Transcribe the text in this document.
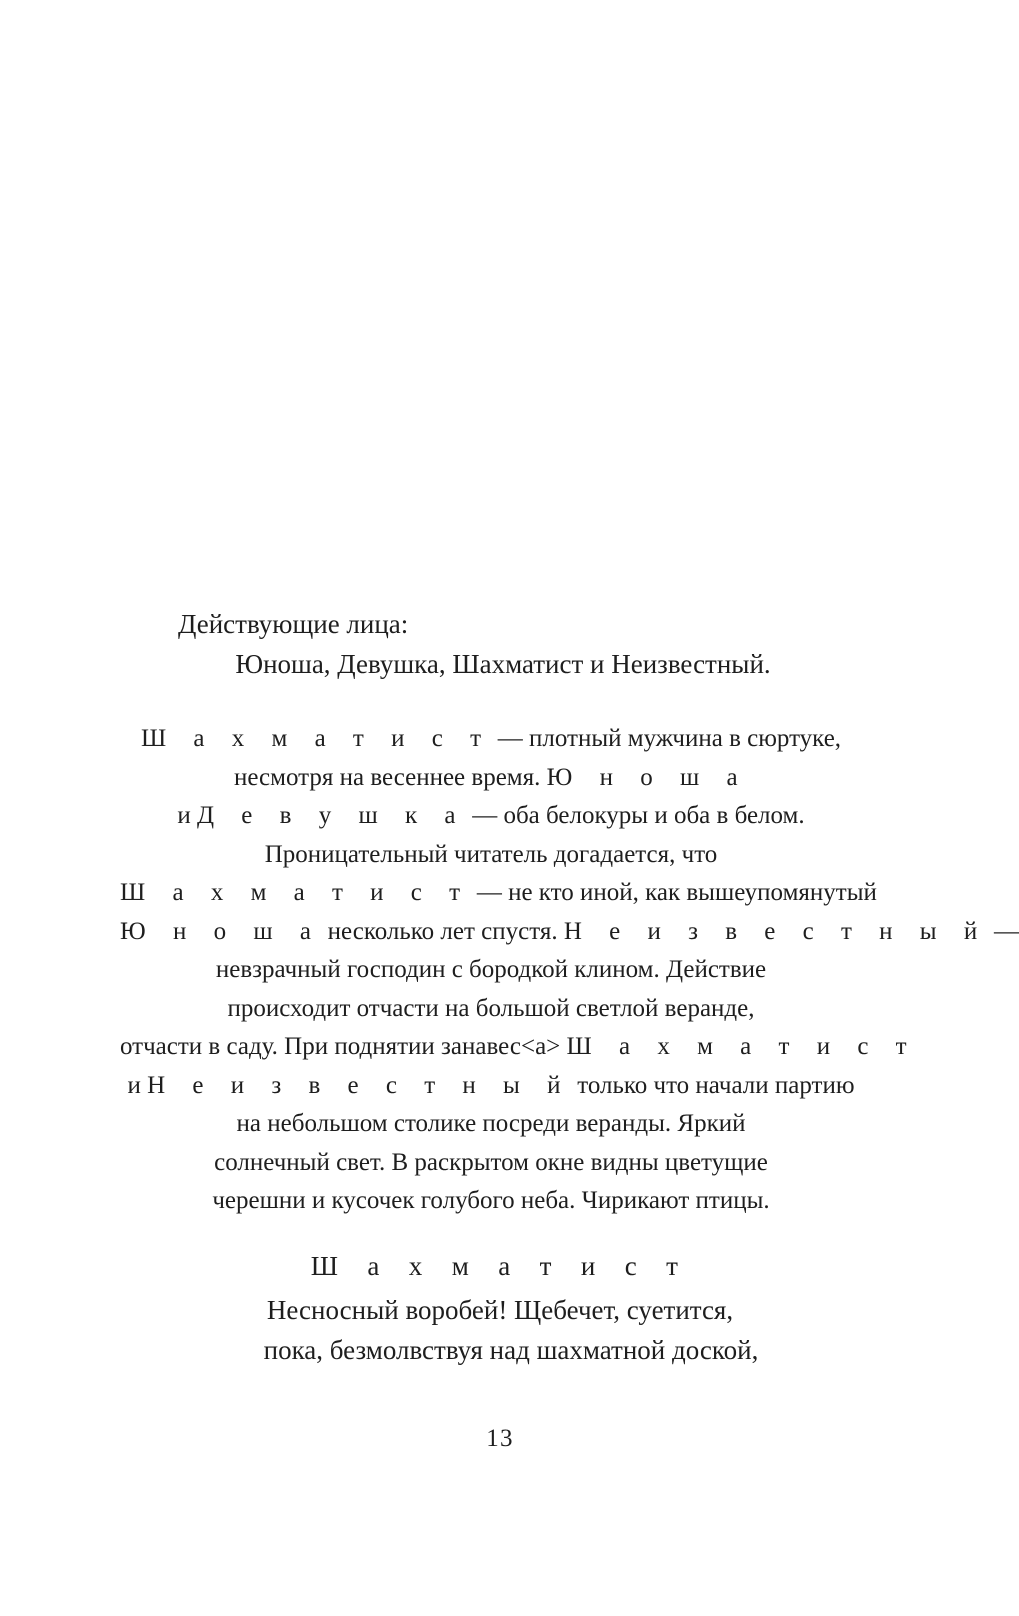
Действующие лица:
Юноша, Девушка, Шахматист и Неизвестный.
Ш а х м а т и с т — плотный мужчина в сюртуке,
несмотря на весеннее время. Ю н о ш а
и Д е в у ш к а — оба белокуры и оба в белом.
Проницательный читатель догадается, что
Ш а х м а т и с т — не кто иной, как вышеупомянутый
Ю н о ш а несколько лет спустя. Н е и з в е с т н ы й —
невзрачный господин с бородкой клином. Действие
происходит отчасти на большой светлой веранде,
отчасти в саду. При поднятии занавес<а> Ш а х м а т и с т
и Н е и з в е с т н ы й только что начали партию
на небольшом столике посреди веранды. Яркий
солнечный свет. В раскрытом окне видны цветущие
черешни и кусочек голубого неба. Чирикают птицы.
Ш а х м а т и с т
Несносный воробей! Щебечет, суетится,
пока, безмолвствуя над шахматной доской,
13
